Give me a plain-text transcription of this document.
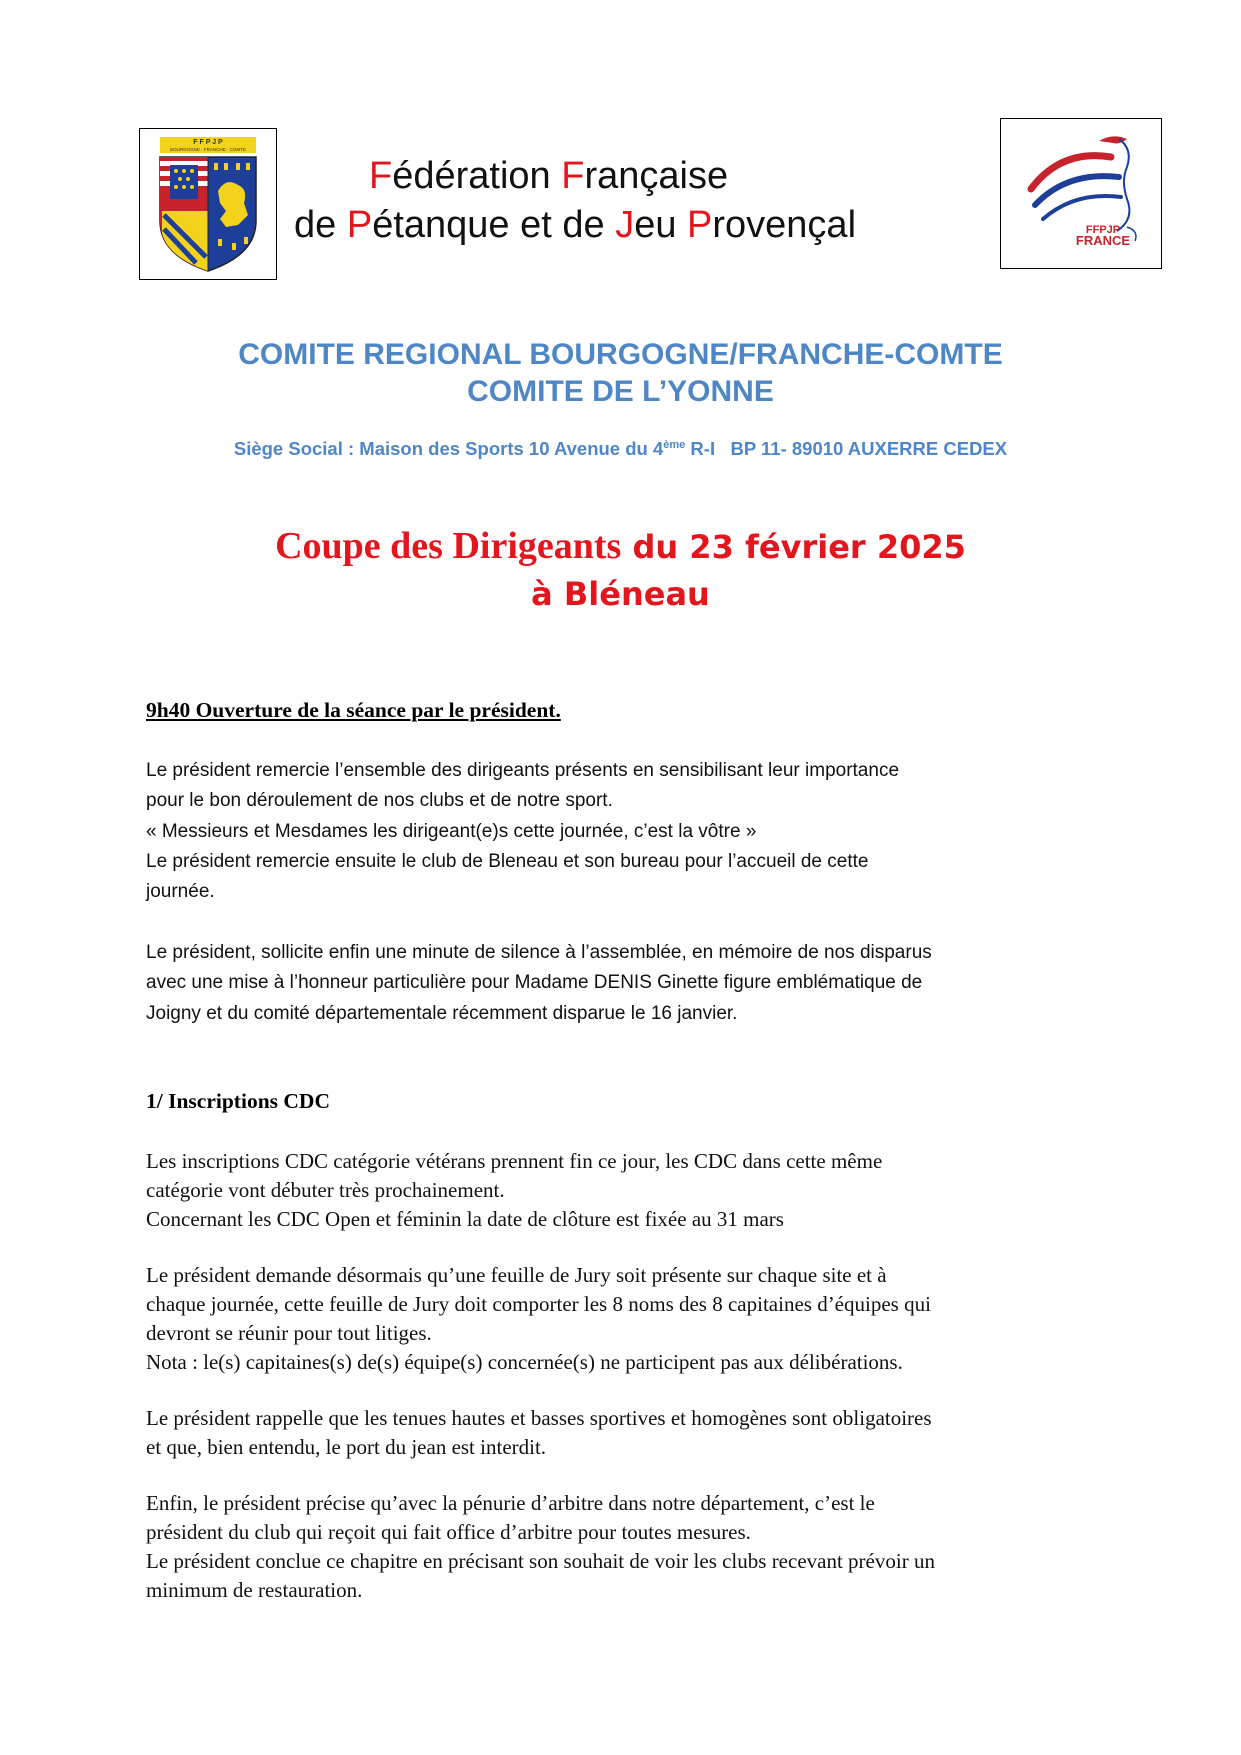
F F P J P
BOURGOGNE · FRANCHE · COMTE
Fédération Française
de Pétanque et de Jeu Provençal	FFPJP
FRANCE
COMITE REGIONAL BOURGOGNE/FRANCHE-COMTE
COMITE DE L’YONNE
Siège Social : Maison des Sports 10 Avenue du 4ème R-I   BP 11- 89010 AUXERRE CEDEX
Coupe des Dirigeants du 23 février 2025
à Bléneau
9h40 Ouverture de la séance par le président.
Le président remercie l’ensemble des dirigeants présents en sensibilisant leur importance
pour le bon déroulement de nos clubs et de notre sport.
« Messieurs et Mesdames les dirigeant(e)s cette journée, c’est la vôtre »
Le président remercie ensuite le club de Bleneau et son bureau pour l’accueil de cette
journée.
Le président, sollicite enfin une minute de silence à l’assemblée, en mémoire de nos disparus
avec une mise à l’honneur particulière pour Madame DENIS Ginette figure emblématique de
Joigny et du comité départementale récemment disparue le 16 janvier.
1/ Inscriptions CDC
Les inscriptions CDC catégorie vétérans prennent fin ce jour, les CDC dans cette même
catégorie vont débuter très prochainement.
Concernant les CDC Open et féminin la date de clôture est fixée au 31 mars
Le président demande désormais qu’une feuille de Jury soit présente sur chaque site et à
chaque journée, cette feuille de Jury doit comporter les 8 noms des 8 capitaines d’équipes qui
devront se réunir pour tout litiges.
Nota : le(s) capitaines(s) de(s) équipe(s) concernée(s) ne participent pas aux délibérations.
Le président rappelle que les tenues hautes et basses sportives et homogènes sont obligatoires
et que, bien entendu, le port du jean est interdit.
Enfin, le président précise qu’avec la pénurie d’arbitre dans notre département, c’est le
président du club qui reçoit qui fait office d’arbitre pour toutes mesures.
Le président conclue ce chapitre en précisant son souhait de voir les clubs recevant prévoir un
minimum de restauration.
